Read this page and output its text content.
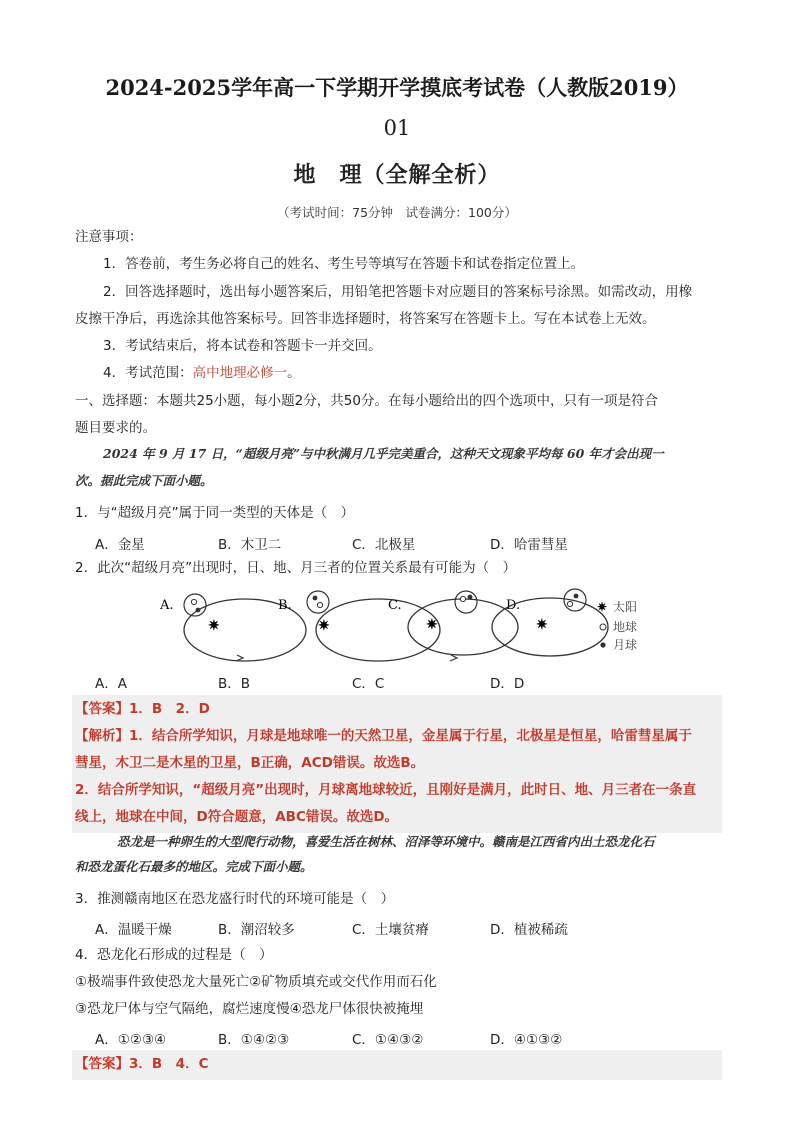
2024-2025学年高一下学期开学摸底考试卷（人教版2019）
01
地　理（全解全析）
（考试时间：75分钟　试卷满分：100分）
注意事项：
1．答卷前，考生务必将自己的姓名、考生号等填写在答题卡和试卷指定位置上。
2．回答选择题时，选出每小题答案后，用铅笔把答题卡对应题目的答案标号涂黑。如需改动，用橡
皮擦干净后，再选涂其他答案标号。回答非选择题时，将答案写在答题卡上。写在本试卷上无效。
3．考试结束后，将本试卷和答题卡一并交回。
4．考试范围：高中地理必修一。
一、选择题：本题共25小题，每小题2分，共50分。在每小题给出的四个选项中，只有一项是符合
题目要求的。
2024 年 9 月 17 日，“超级月亮”与中秋满月几乎完美重合，这种天文现象平均每 60 年才会出现一
次。据此完成下面小题。
1．与“超级月亮”属于同一类型的天体是（　）
A．金星	B．木卫二	C．北极星	D．哈雷彗星
2．此次“超级月亮”出现时，日、地、月三者的位置关系最有可能为（　）
A.
✷
B.
✷
C.
✷
D.
✷
✷ 太阳
地球
月球
A．A	B．B	C．C	D．D
【答案】1．B　2．D
【解析】1．结合所学知识，月球是地球唯一的天然卫星，金星属于行星，北极星是恒星，哈雷彗星属于
彗星，木卫二是木星的卫星，B正确，ACD错误。故选B。
2．结合所学知识，“超级月亮”出现时，月球离地球较近，且刚好是满月，此时日、地、月三者在一条直
线上，地球在中间，D符合题意，ABC错误。故选D。
恐龙是一种卵生的大型爬行动物，喜爱生活在树林、沼泽等环境中。赣南是江西省内出土恐龙化石
和恐龙蛋化石最多的地区。完成下面小题。
3．推测赣南地区在恐龙盛行时代的环境可能是（　）
A．温暖干燥	B．潮沼较多	C．土壤贫瘠	D．植被稀疏
4．恐龙化石形成的过程是（　）
①极端事件致使恐龙大量死亡②矿物质填充或交代作用而石化
③恐龙尸体与空气隔绝，腐烂速度慢④恐龙尸体很快被掩埋
A．①②③④	B．①④②③	C．①④③②	D．④①③②
【答案】3．B　4．C
